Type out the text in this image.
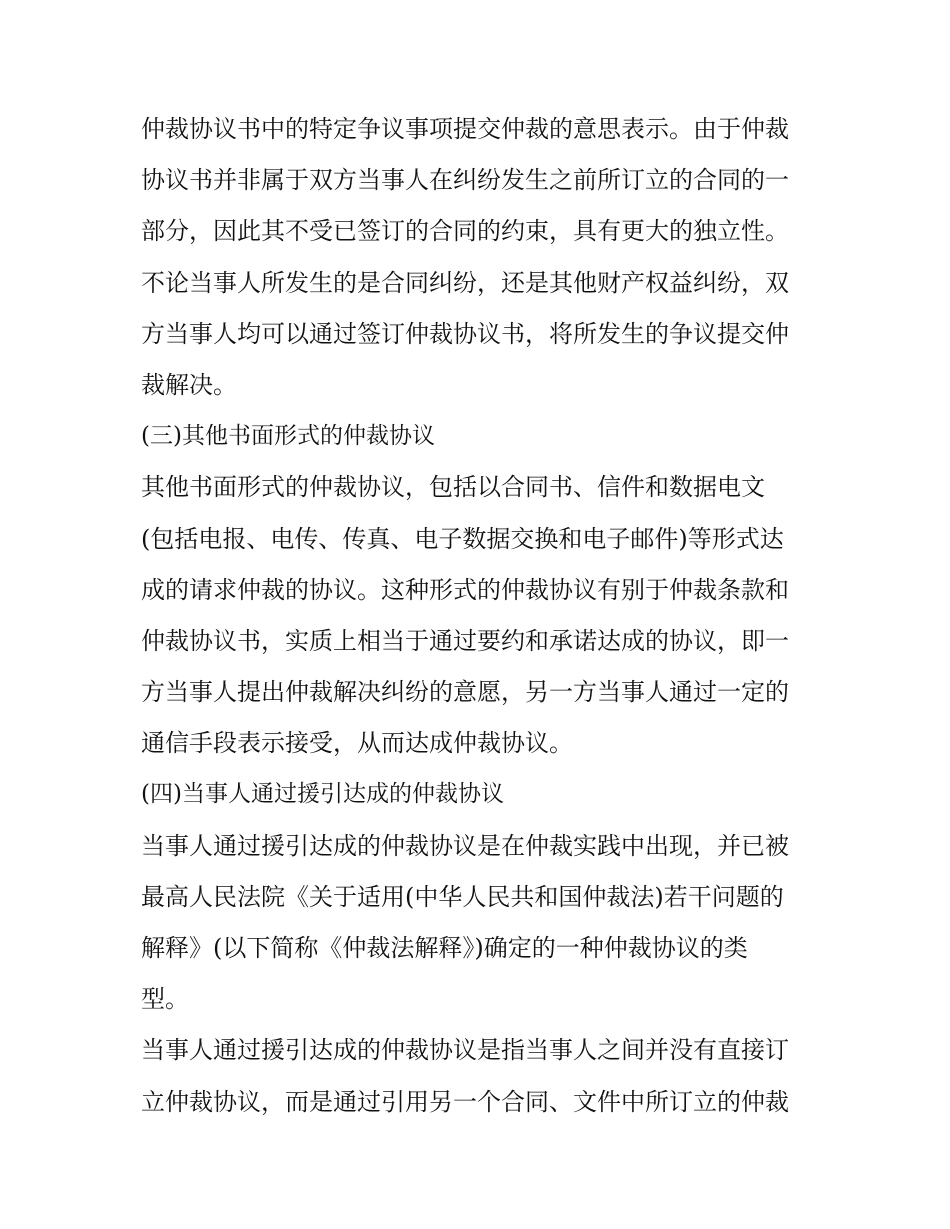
仲裁协议书中的特定争议事项提交仲裁的意思表示。由于仲裁
协议书并非属于双方当事人在纠纷发生之前所订立的合同的一
部分，因此其不受已签订的合同的约束，具有更大的独立性。
不论当事人所发生的是合同纠纷，还是其他财产权益纠纷，双
方当事人均可以通过签订仲裁协议书，将所发生的争议提交仲
裁解决。
(三)其他书面形式的仲裁协议
其他书面形式的仲裁协议，包括以合同书、信件和数据电文
(包括电报、电传、传真、电子数据交换和电子邮件)等形式达
成的请求仲裁的协议。这种形式的仲裁协议有别于仲裁条款和
仲裁协议书，实质上相当于通过要约和承诺达成的协议，即一
方当事人提出仲裁解决纠纷的意愿，另一方当事人通过一定的
通信手段表示接受，从而达成仲裁协议。
(四)当事人通过援引达成的仲裁协议
当事人通过援引达成的仲裁协议是在仲裁实践中出现，并已被
最高人民法院《关于适用(中华人民共和国仲裁法)若干问题的
解释》(以下简称《仲裁法解释》)确定的一种仲裁协议的类
型。
当事人通过援引达成的仲裁协议是指当事人之间并没有直接订
立仲裁协议，而是通过引用另一个合同、文件中所订立的仲裁
